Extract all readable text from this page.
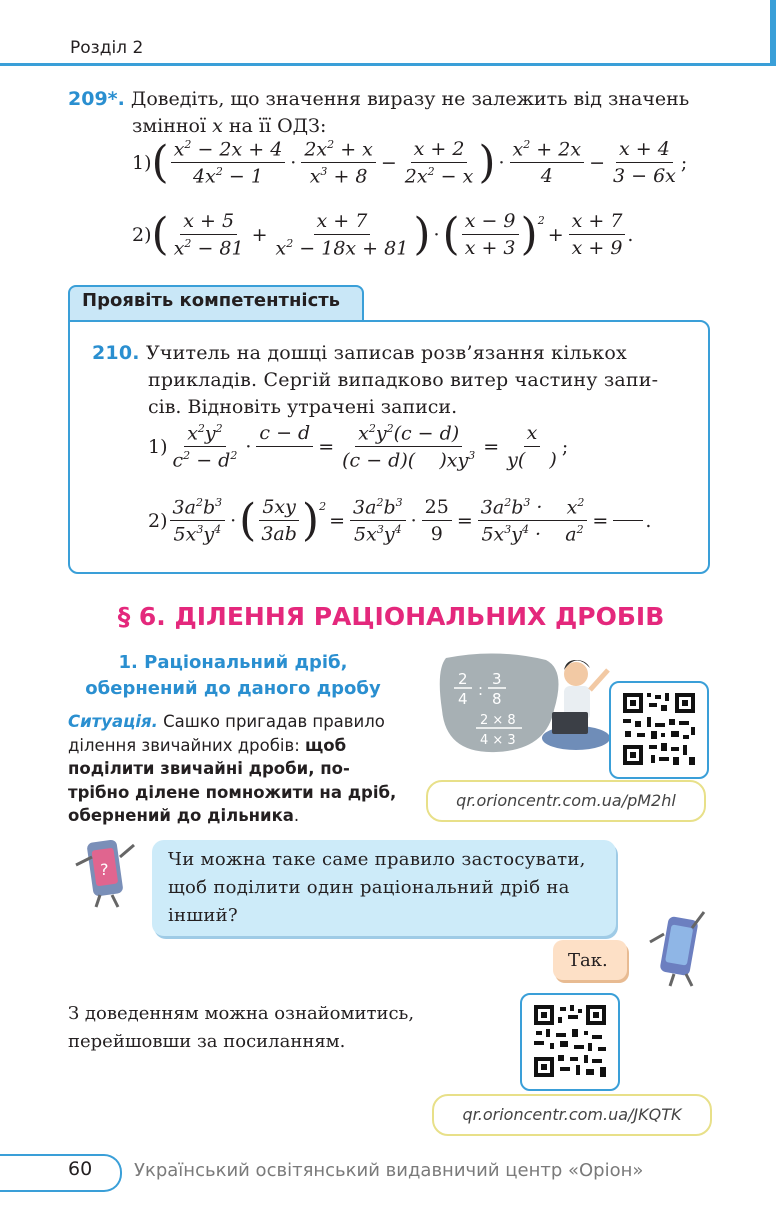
Розділ 2
209*. Доведіть, що значення виразу не залежить від значень
змінної x на її ОДЗ:
1) ( $x^2 - 2x + 4$
$4x^2 - 1$
·
$2x^2 + x$
$x^3 + 8$
− $\frac{x + 2}{2x^2 - x}$ ) ·
$x^2 + 2x$
4
− $\frac{x + 4}{3 - 6x}$ ;
2) ( x + 5
$x^2 - 81$
+ $\frac{x + 7}{x^2 - 18x + 81}$ ) · ( x − 9
x + 3 )$^2$
+ $\frac{x + 7}{x + 9}$ .
Проявіть компетентність
210. Учитель на дошці записав розв’язання кількох
прикладів. Сергій випадково витер частину запи-
сів. Відновіть утрачені записи.
1)
$x^2y^2$
$c^2 - d^2$ ·
c − d

= $\frac{x^2y^2(c - d)}{(c - d)( )xy^3} = \frac{x}{y( )}$ ;
2)
$3a^2b^3$
$5x^3y^4$ · ( 5xy
3ab )$^2$
= $\frac{3a^2b^3}{5x^3y^4} \cdot \frac{25}{9} = \frac{3a^2b^3 \cdot x^2}{5x^3y^4 \cdot a^2}$ =

.
§ 6. ДІЛЕННЯ РАЦІОНАЛЬНИХ ДРОБІВ
1. Раціональний дріб,
обернений до даного дробу
Ситуація. Сашко пригадав правило ділення звичайних дробів: щоб поділити звичайні дроби, по-трібно ділене помножити на дріб, обернений до дільника.
2
4 :
3
8
2 × 8
4 × 3
qr.orioncentr.com.ua/pM2hl
?	Чи можна таке саме правило застосувати, щоб поділити один раціональний дріб на інший?
Так.
З доведенням можна ознайомитись, перейшовши за посиланням.
qr.orioncentr.com.ua/JKQTK
60 Український освітянський видавничий центр «Оріон»
